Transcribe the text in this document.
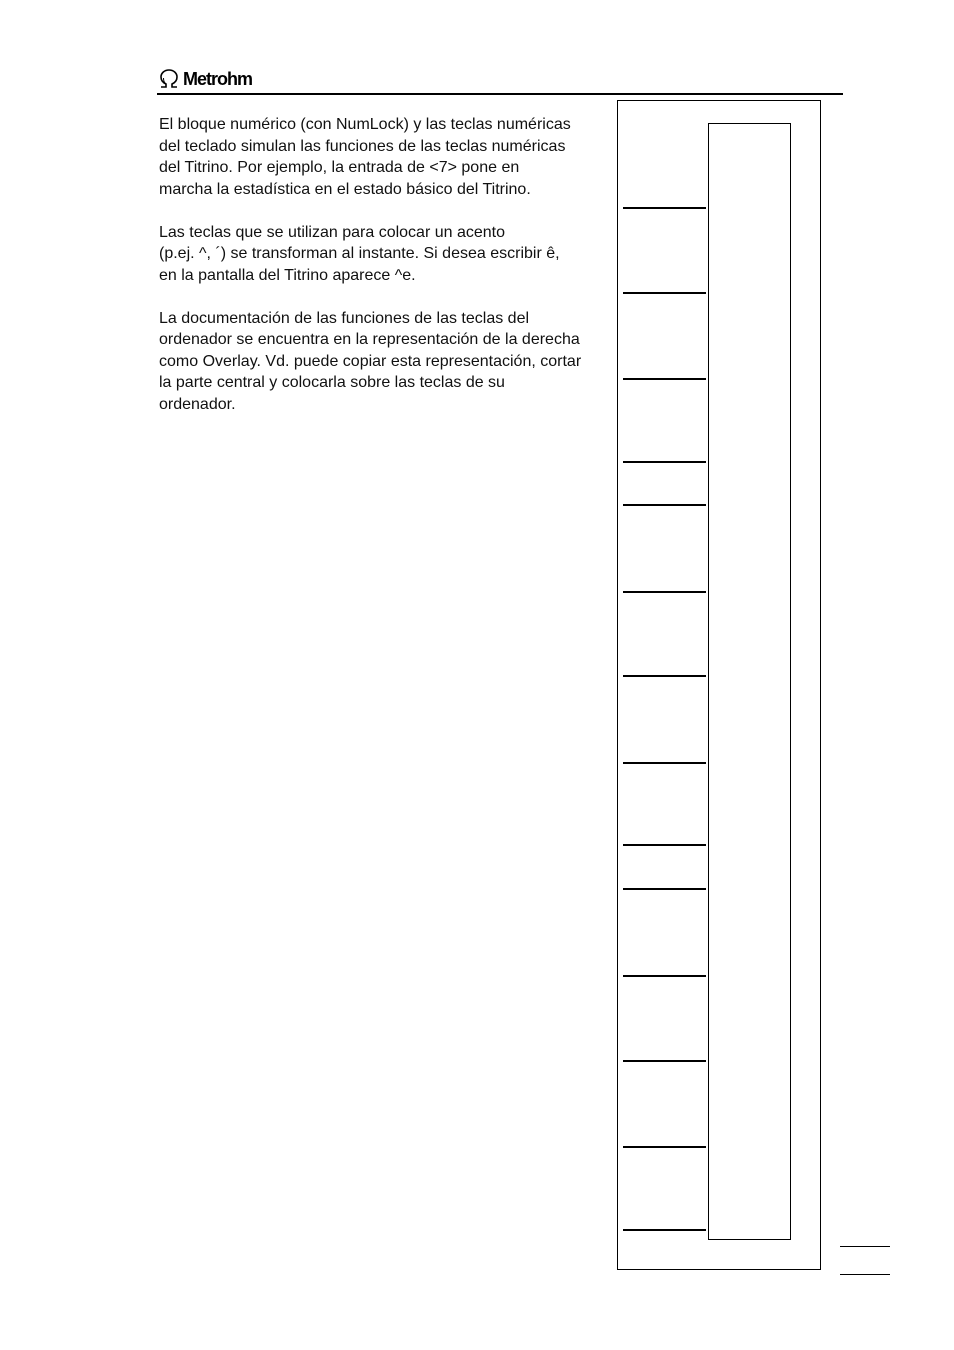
Metrohm

El bloque numérico (con NumLock) y las teclas numéricas
del teclado simulan las funciones de las teclas numéricas
del Titrino. Por ejemplo, la entrada de <7> pone en
marcha la estadística en el estado básico del Titrino.

Las teclas que se utilizan para colocar un acento
(p.ej. ^, ´) se transforman al instante. Si desea escribir ê,
en la pantalla del Titrino aparece ^e.

La documentación de las funciones de las teclas del
ordenador se encuentra en la representación de la derecha
como Overlay. Vd. puede copiar esta representación, cortar
la parte central y colocarla sobre las teclas de su
ordenador.
